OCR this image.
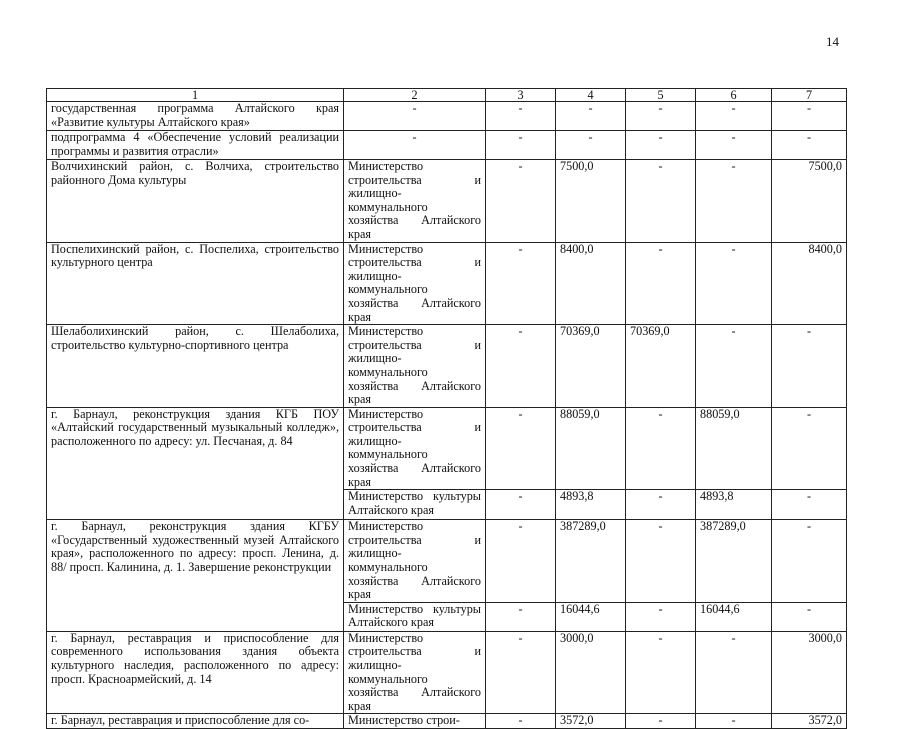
14
1	2	3	4	5	6	7
государственная программа Алтайского края «Развитие культуры Алтайского края»	-	-	-	-	-	-
подпрограмма 4 «Обеспечение условий реализации программы и развития отрасли»	-	-	-	-	-	-
Волчихинский район, с. Волчиха, строительство районного Дома культуры	Министерство строительства и жилищно-коммунального хозяйства Алтайского края	-	7500,0	-	-	7500,0
Поспелихинский район, с. Поспелиха, строительство культурного центра	Министерство строительства и жилищно-коммунального хозяйства Алтайского края	-	8400,0	-	-	8400,0
Шелаболихинский район, с. Шелаболиха, строительство культурно-спортивного центра	Министерство строительства и жилищно-коммунального хозяйства Алтайского края	-	70369,0	70369,0	-	-
г. Барнаул, реконструкция здания КГБ ПОУ «Алтайский государственный музыкальный колледж», расположенного по адресу: ул. Песчаная, д. 84	Министерство строительства и жилищно-коммунального хозяйства Алтайского края	-	88059,0	-	88059,0	-
	Министерство культуры Алтайского края	-	4893,8	-	4893,8	-
г. Барнаул, реконструкция здания КГБУ «Государственный художественный музей Алтайского края», расположенного по адресу: просп. Ленина, д. 88/ просп. Калинина, д. 1. Завершение реконструкции	Министерство строительства и жилищно-коммунального хозяйства Алтайского края	-	387289,0	-	387289,0	-
	Министерство культуры Алтайского края	-	16044,6	-	16044,6	-
г. Барнаул, реставрация и приспособление для современного использования здания объекта культурного наследия, расположенного по адресу: просп. Красноармейский, д. 14	Министерство строительства и жилищно-коммунального хозяйства Алтайского края	-	3000,0	-	-	3000,0
г. Барнаул, реставрация и приспособление для со-	Министерство строи-	-	3572,0	-	-	3572,0
